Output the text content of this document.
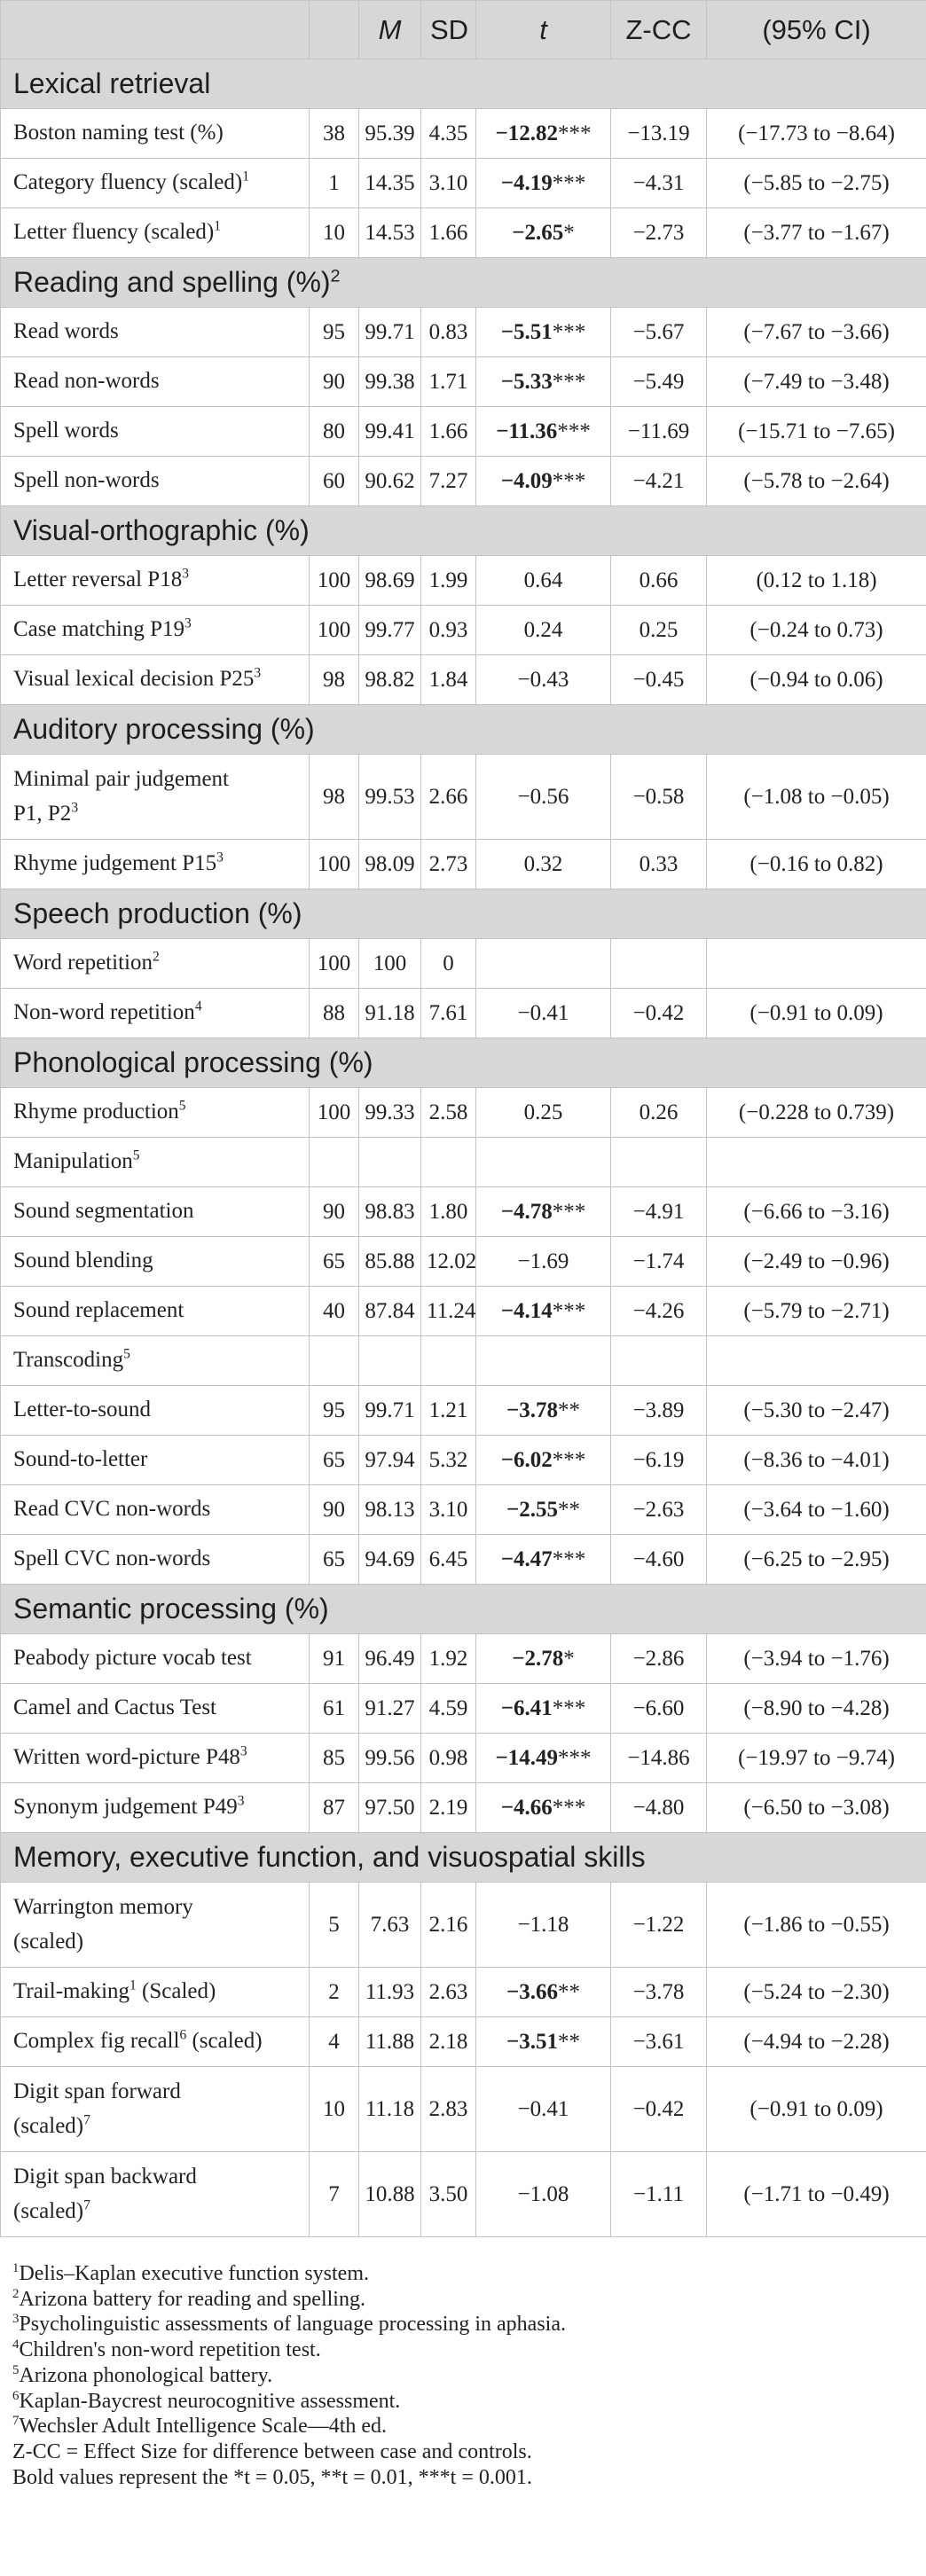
		M	SD	t	Z-CC	(95% CI)
Lexical retrieval						
Boston naming test (%)	38	95.39	4.35	−12.82***	−13.19	(−17.73 to −8.64)
Category fluency (scaled)$^1$	1	14.35	3.10	−4.19***	−4.31	(−5.85 to −2.75)
Letter fluency (scaled)$^1$	10	14.53	1.66	−2.65*	−2.73	(−3.77 to −1.67)
Reading and spelling (%)$^2$
Read words	95	99.71	0.83	−5.51***	−5.67	(−7.67 to −3.66)
Read non-words	90	99.38	1.71	−5.33***	−5.49	(−7.49 to −3.48)
Spell words	80	99.41	1.66	−11.36***	−11.69	(−15.71 to −7.65)
Spell non-words	60	90.62	7.27	−4.09***	−4.21	(−5.78 to −2.64)
Visual-orthographic (%)						
Letter reversal $P18^3$	100	98.69	1.99	0.64	0.66	(0.12 to 1.18)
Case matching $P19^3$	100	99.77	0.93	0.24	0.25	(−0.24 to 0.73)
Visual lexical decision $P25^3$	98	98.82	1.84	−0.43	−0.45	(−0.94 to 0.06)
Auditory processing (%)						
Minimal pair judgement
P1, $P2^3$	98	99.53	2.66	−0.56	−0.58	(−1.08 to −0.05)
Rhyme judgement $P15^3$	100	98.09	2.73	0.32	0.33	(−0.16 to 0.82)
Speech production (%)						
Word repetition$^2$	100	100	0			
Non-word repetition$^4$	88	91.18	7.61	−0.41	−0.42	(−0.91 to 0.09)
Phonological processing (%)						
Rhyme production$^5$	100	99.33	2.58	0.25	0.26	(−0.228 to 0.739)
Manipulation$^5$						
Sound segmentation	90	98.83	1.80	−4.78***	−4.91	(−6.66 to −3.16)
Sound blending	65	85.88	12.02	−1.69	−1.74	(−2.49 to −0.96)
Sound replacement	40	87.84	11.24	−4.14***	−4.26	(−5.79 to −2.71)
Transcoding$^5$						
Letter-to-sound	95	99.71	1.21	−3.78**	−3.89	(−5.30 to −2.47)
Sound-to-letter	65	97.94	5.32	−6.02***	−6.19	(−8.36 to −4.01)
Read CVC non-words	90	98.13	3.10	−2.55**	−2.63	(−3.64 to −1.60)
Spell CVC non-words	65	94.69	6.45	−4.47***	−4.60	(−6.25 to −2.95)
Semantic processing (%)						
Peabody picture vocab test	91	96.49	1.92	−2.78*	−2.86	(−3.94 to −1.76)
Camel and Cactus Test	61	91.27	4.59	−6.41***	−6.60	(−8.90 to −4.28)
Written word-picture $P48^3$	85	99.56	0.98	−14.49***	−14.86	(−19.97 to −9.74)
Synonym judgement $P49^3$	87	97.50	2.19	−4.66***	−4.80	(−6.50 to −3.08)
Memory, executive function, and visuospatial skills						
Warrington memory
(scaled)	5	7.63	2.16	−1.18	−1.22	(−1.86 to −0.55)
Trail-making$^1$ (Scaled)	2	11.93	2.63	−3.66**	−3.78	(−5.24 to −2.30)
Complex fig recall$^6$ (scaled)	4	11.88	2.18	−3.51**	−3.61	(−4.94 to −2.28)
Digit span forward
(scaled)$^7$	10	11.18	2.83	−0.41	−0.42	(−0.91 to 0.09)
Digit span backward
(scaled)$^7$	7	10.88	3.50	−1.08	−1.11	(−1.71 to −0.49)
$^1$Delis–Kaplan executive function system.
$^2$Arizona battery for reading and spelling.
$^3$Psycholinguistic assessments of language processing in aphasia.
$^4$Children's non-word repetition test.
$^5$Arizona phonological battery.
$^6$Kaplan-Baycrest neurocognitive assessment.
$^7$Wechsler Adult Intelligence Scale—4th ed.
Z-CC = Effect Size for difference between case and controls.
Bold values represent the *t = 0.05, **t = 0.01, ***t = 0.001.
